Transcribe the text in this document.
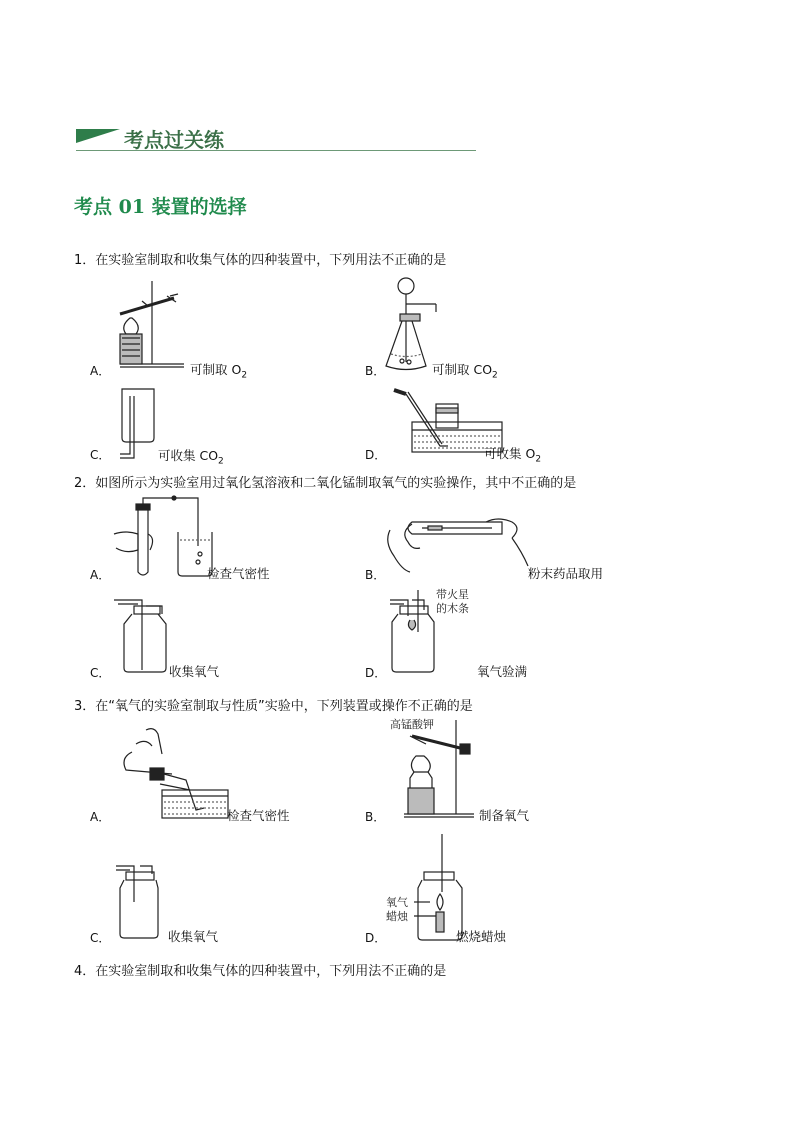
考点过关练
考点 01 装置的选择
1．在实验室制取和收集气体的四种装置中，下列用法不正确的是
A．	可制取 $O_2$	B．	可制取 $CO_2$
C．	可收集 $CO_2$	D．	可收集 $O_2$
2．如图所示为实验室用过氧化氢溶液和二氧化锰制取氧气的实验操作，其中不正确的是
A．	检查气密性	B．	粉末药品取用
C．	收集氧气
带火星
的木条
D．	氧气验满
3．在“氧气的实验室制取与性质”实验中，下列装置或操作不正确的是
A．	检查气密性
高锰酸钾
B．	制备氧气
C．	收集氧气
氧气
蜡烛
D．	燃烧蜡烛
4．在实验室制取和收集气体的四种装置中，下列用法不正确的是
